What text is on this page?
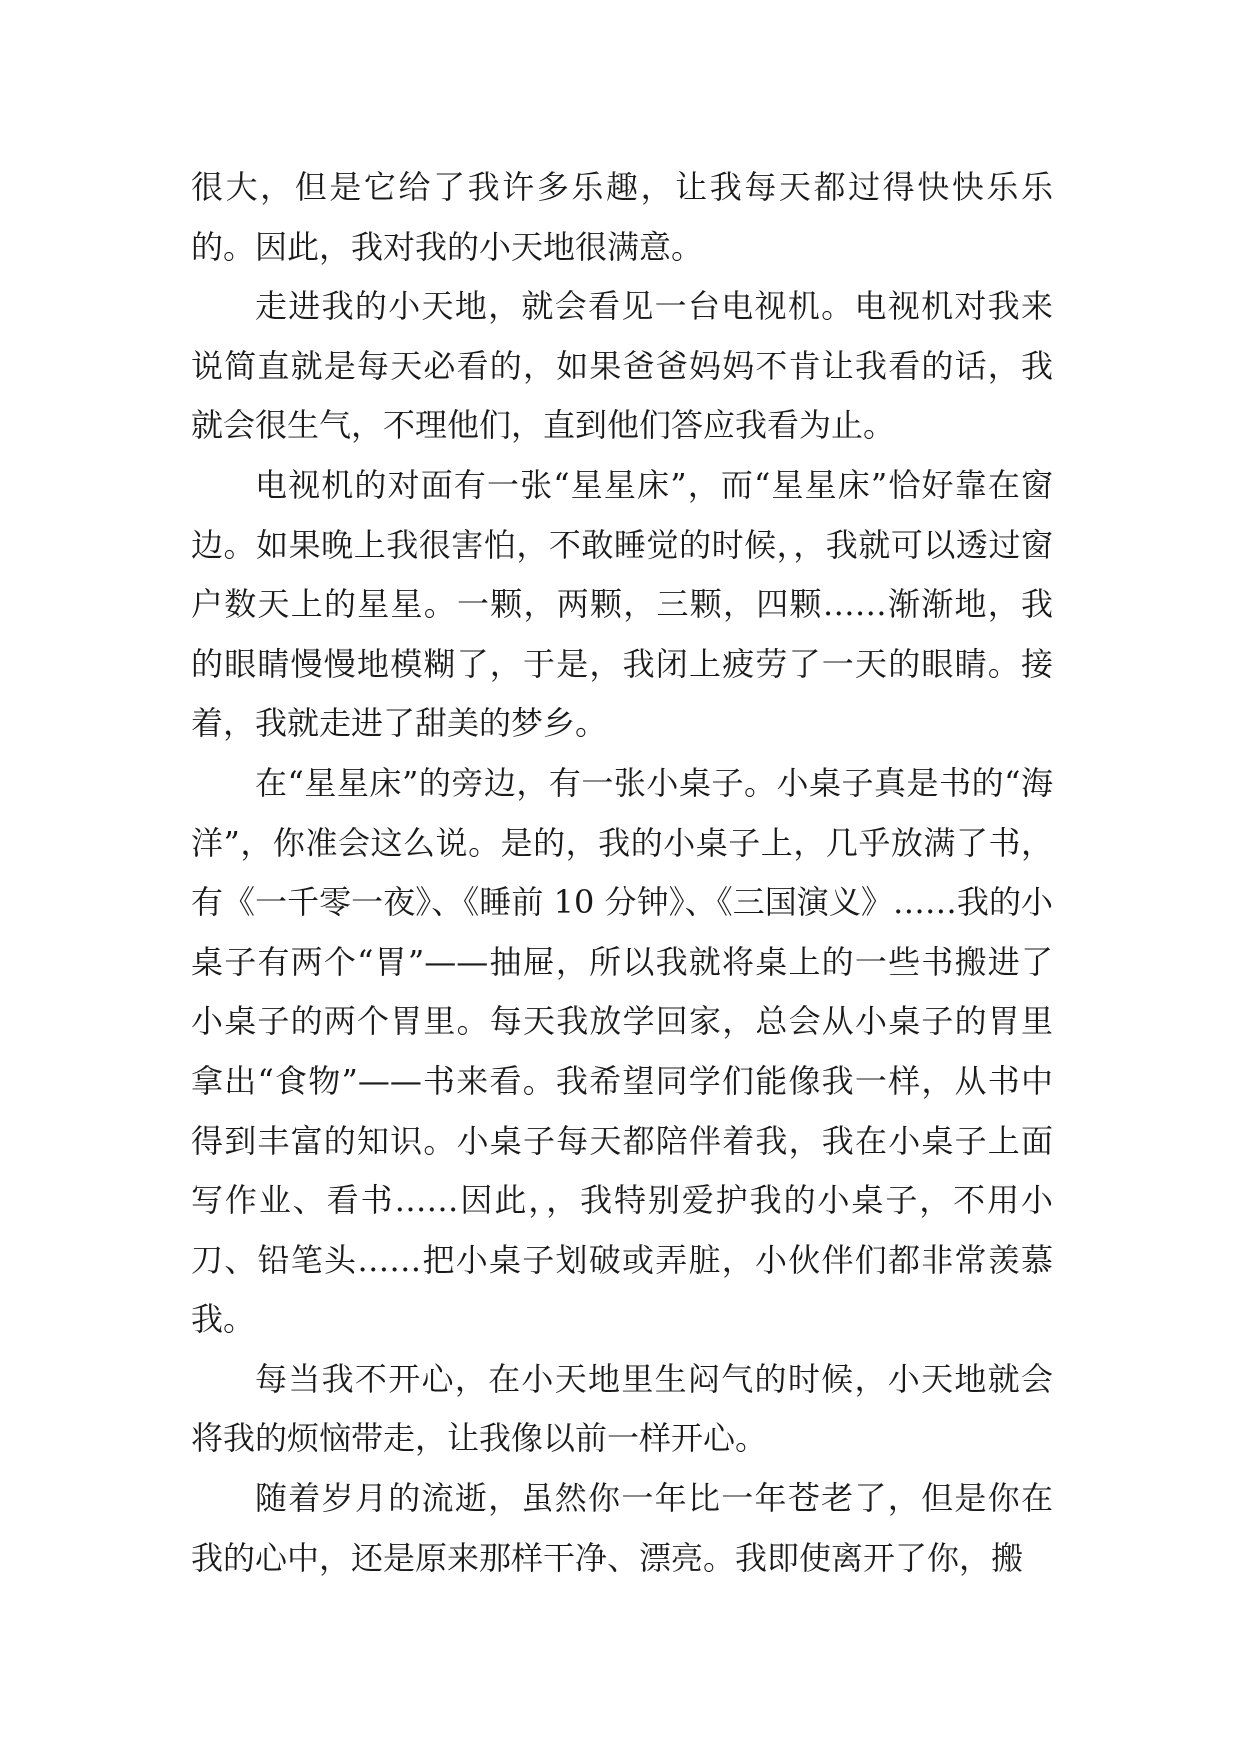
很大，但是它给了我许多乐趣，让我每天都过得快快乐乐的。因此，我对我的小天地很满意。

走进我的小天地，就会看见一台电视机。电视机对我来说简直就是每天必看的，如果爸爸妈妈不肯让我看的话，我就会很生气，不理他们，直到他们答应我看为止。

电视机的对面有一张“星星床”，而“星星床”恰好靠在窗边。如果晚上我很害怕，不敢睡觉的时候，，我就可以透过窗户数天上的星星。一颗，两颗，三颗，四颗……渐渐地，我的眼睛慢慢地模糊了，于是，我闭上疲劳了一天的眼睛。接着，我就走进了甜美的梦乡。

在“星星床”的旁边，有一张小桌子。小桌子真是书的“海洋”，你准会这么说。是的，我的小桌子上，几乎放满了书，有《一千零一夜》、《睡前 10 分钟》、《三国演义》……我的小桌子有两个“胃”——抽屉，所以我就将桌上的一些书搬进了小桌子的两个胃里。每天我放学回家，总会从小桌子的胃里拿出“食物”——书来看。我希望同学们能像我一样，从书中得到丰富的知识。小桌子每天都陪伴着我，我在小桌子上面写作业、看书……因此，，我特别爱护我的小桌子，不用小刀、铅笔头……把小桌子划破或弄脏，小伙伴们都非常羡慕我。

每当我不开心，在小天地里生闷气的时候，小天地就会将我的烦恼带走，让我像以前一样开心。

随着岁月的流逝，虽然你一年比一年苍老了，但是你在我的心中，还是原来那样干净、漂亮。我即使离开了你，搬
